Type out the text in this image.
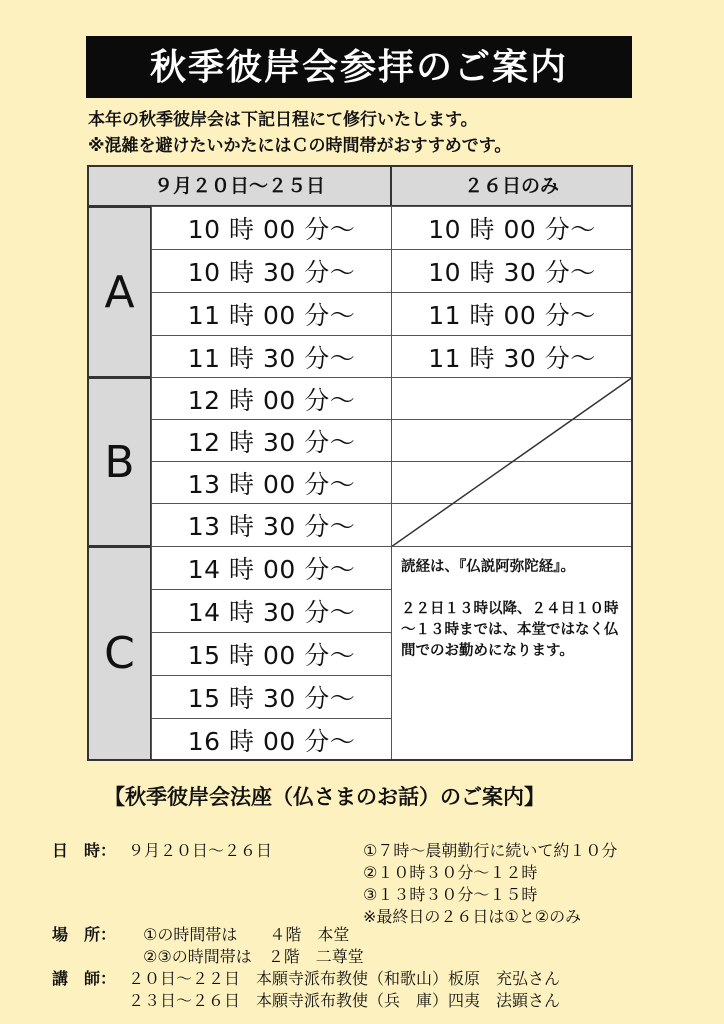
秋季彼岸会参拝のご案内
本年の秋季彼岸会は下記日程にて修行いたします。
※混雑を避けたいかたにはＣの時間帯がおすすめです。
９月２０日～２５日	２６日のみ
A
B
C
10 時 00 分～
10 時 30 分～
11 時 00 分～
11 時 30 分～
10 時 00 分～
10 時 30 分～
11 時 00 分～
11 時 30 分～
12 時 00 分～
12 時 30 分～
13 時 00 分～
13 時 30 分～
14 時 00 分～
14 時 30 分～
15 時 00 分～
15 時 30 分～
16 時 00 分～

読経は、『仏説阿弥陀経』。

２２日１３時以降、２４日１０時～１３時までは、本堂ではなく仏間でのお勤めになります。

【秋季彼岸会法座（仏さまのお話）のご案内】
日　時： ９月２０日～２６日	①７時～晨朝勤行に続いて約１０分
②１０時３０分～１２時
③１３時３０分～１５時
※最終日の２６日は①と②のみ
場　所： ①の時間帯は　　４階　本堂
②③の時間帯は　２階　二尊堂
講　師： ２０日～２２日　本願寺派布教使（和歌山）板原　充弘さん
２３日～２６日　本願寺派布教使（兵　庫）四夷　法顕さん
